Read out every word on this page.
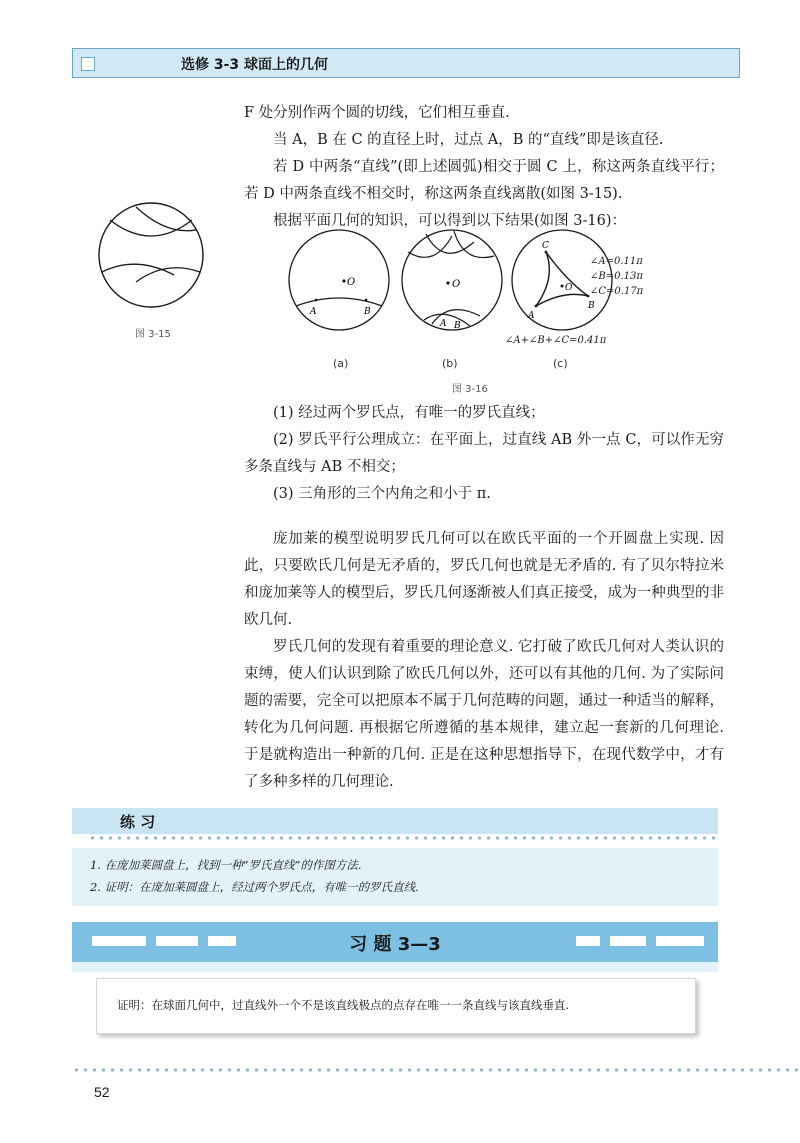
选修 3-3 球面上的几何

F 处分别作两个圆的切线，它们相互垂直.

当 A，B 在 C 的直径上时，过点 A，B 的“直线”即是该直径.

若 D 中两条“直线”(即上述圆弧)相交于圆 C 上，称这两条直线平行；若 D 中两条直线不相交时，称这两条直线离散(如图 3-15).

根据平面几何的知识，可以得到以下结果(如图 3-16)：

图 3-15
O
A	B
O
A B
C
A
B
O
(a)	(b)	(c)
∠A=0.11π
∠B=0.13π
∠C=0.17π
∠A+∠B+∠C=0.41π
图 3-16

(1) 经过两个罗氏点，有唯一的罗氏直线；

(2) 罗氏平行公理成立：在平面上，过直线 AB 外一点 C，可以作无穷多条直线与 AB 不相交；

(3) 三角形的三个内角之和小于 π.

庞加莱的模型说明罗氏几何可以在欧氏平面的一个开圆盘上实现. 因此，只要欧氏几何是无矛盾的，罗氏几何也就是无矛盾的. 有了贝尔特拉米和庞加莱等人的模型后，罗氏几何逐渐被人们真正接受，成为一种典型的非欧几何.

罗氏几何的发现有着重要的理论意义. 它打破了欧氏几何对人类认识的束缚，使人们认识到除了欧氏几何以外，还可以有其他的几何. 为了实际问题的需要，完全可以把原本不属于几何范畴的问题，通过一种适当的解释，转化为几何问题. 再根据它所遵循的基本规律，建立起一套新的几何理论. 于是就构造出一种新的几何. 正是在这种思想指导下，在现代数学中，才有了多种多样的几何理论.

练 习

1. 在庞加莱圆盘上，找到一种“罗氏直线”的作图方法.

2. 证明：在庞加莱圆盘上，经过两个罗氏点，有唯一的罗氏直线.

习 题 3—3

证明：在球面几何中，过直线外一个不是该直线极点的点存在唯一一条直线与该直线垂直.

52
